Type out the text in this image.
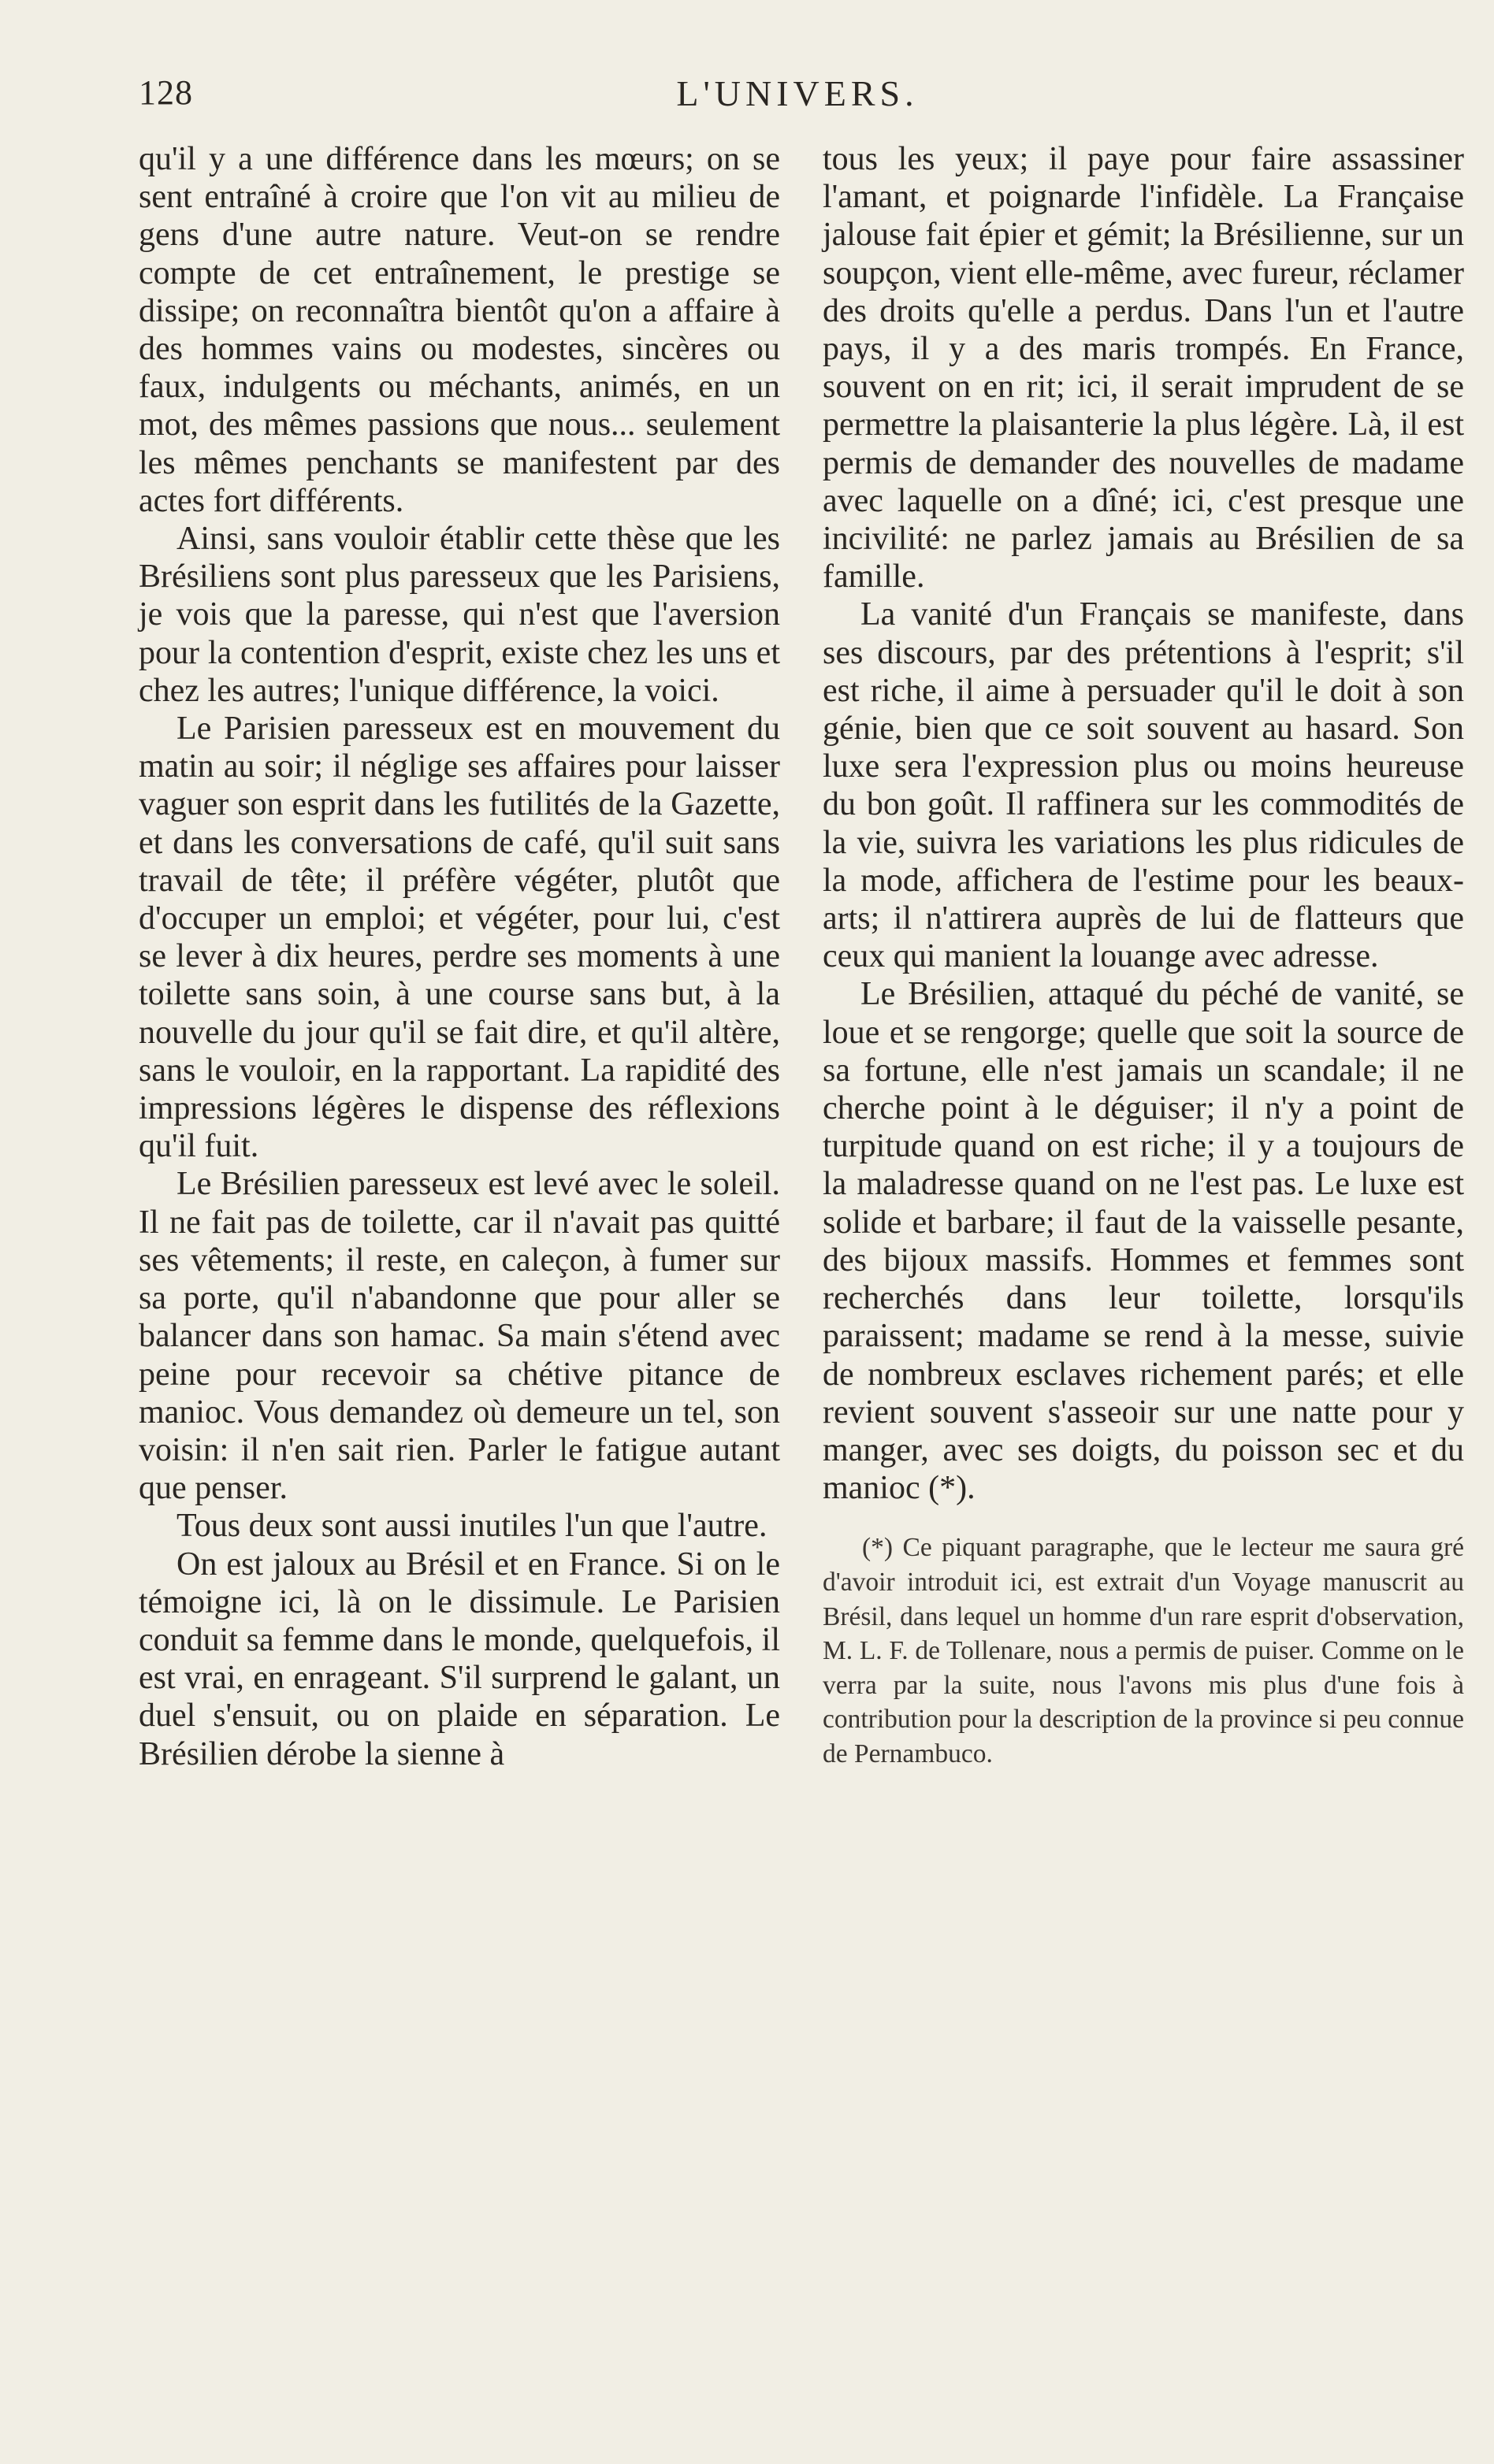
128	L'UNIVERS.

qu'il y a une différence dans les mœurs; on se sent entraîné à croire que l'on vit au milieu de gens d'une autre nature. Veut-on se rendre compte de cet entraînement, le prestige se dissipe; on reconnaîtra bientôt qu'on a affaire à des hommes vains ou modestes, sincères ou faux, indulgents ou méchants, animés, en un mot, des mêmes passions que nous... seulement les mêmes penchants se manifestent par des actes fort différents.

Ainsi, sans vouloir établir cette thèse que les Brésiliens sont plus paresseux que les Parisiens, je vois que la paresse, qui n'est que l'aversion pour la contention d'esprit, existe chez les uns et chez les autres; l'unique différence, la voici.

Le Parisien paresseux est en mouvement du matin au soir; il néglige ses affaires pour laisser vaguer son esprit dans les futilités de la Gazette, et dans les conversations de café, qu'il suit sans travail de tête; il préfère végéter, plutôt que d'occuper un emploi; et végéter, pour lui, c'est se lever à dix heures, perdre ses moments à une toilette sans soin, à une course sans but, à la nouvelle du jour qu'il se fait dire, et qu'il altère, sans le vouloir, en la rapportant. La rapidité des impressions légères le dispense des réflexions qu'il fuit.

Le Brésilien paresseux est levé avec le soleil. Il ne fait pas de toilette, car il n'avait pas quitté ses vêtements; il reste, en caleçon, à fumer sur sa porte, qu'il n'abandonne que pour aller se balancer dans son hamac. Sa main s'étend avec peine pour recevoir sa chétive pitance de manioc. Vous demandez où demeure un tel, son voisin: il n'en sait rien. Parler le fatigue autant que penser.

Tous deux sont aussi inutiles l'un que l'autre.

On est jaloux au Brésil et en France. Si on le témoigne ici, là on le dissimule. Le Parisien conduit sa femme dans le monde, quelquefois, il est vrai, en enrageant. S'il surprend le galant, un duel s'ensuit, ou on plaide en séparation. Le Brésilien dérobe la sienne à

tous les yeux; il paye pour faire assassiner l'amant, et poignarde l'infidèle. La Française jalouse fait épier et gémit; la Brésilienne, sur un soupçon, vient elle-même, avec fureur, réclamer des droits qu'elle a perdus. Dans l'un et l'autre pays, il y a des maris trompés. En France, souvent on en rit; ici, il serait imprudent de se permettre la plaisanterie la plus légère. Là, il est permis de demander des nouvelles de madame avec laquelle on a dîné; ici, c'est presque une incivilité: ne parlez jamais au Brésilien de sa famille.

La vanité d'un Français se manifeste, dans ses discours, par des prétentions à l'esprit; s'il est riche, il aime à persuader qu'il le doit à son génie, bien que ce soit souvent au hasard. Son luxe sera l'expression plus ou moins heureuse du bon goût. Il raffinera sur les commodités de la vie, suivra les variations les plus ridicules de la mode, affichera de l'estime pour les beaux-arts; il n'attirera auprès de lui de flatteurs que ceux qui manient la louange avec adresse.

Le Brésilien, attaqué du péché de vanité, se loue et se rengorge; quelle que soit la source de sa fortune, elle n'est jamais un scandale; il ne cherche point à le déguiser; il n'y a point de turpitude quand on est riche; il y a toujours de la maladresse quand on ne l'est pas. Le luxe est solide et barbare; il faut de la vaisselle pesante, des bijoux massifs. Hommes et femmes sont recherchés dans leur toilette, lorsqu'ils paraissent; madame se rend à la messe, suivie de nombreux esclaves richement parés; et elle revient souvent s'asseoir sur une natte pour y manger, avec ses doigts, du poisson sec et du manioc (*).

(*) Ce piquant paragraphe, que le lecteur me saura gré d'avoir introduit ici, est extrait d'un Voyage manuscrit au Brésil, dans lequel un homme d'un rare esprit d'observation, M. L. F. de Tollenare, nous a permis de puiser. Comme on le verra par la suite, nous l'avons mis plus d'une fois à contribution pour la description de la province si peu connue de Pernambuco.
